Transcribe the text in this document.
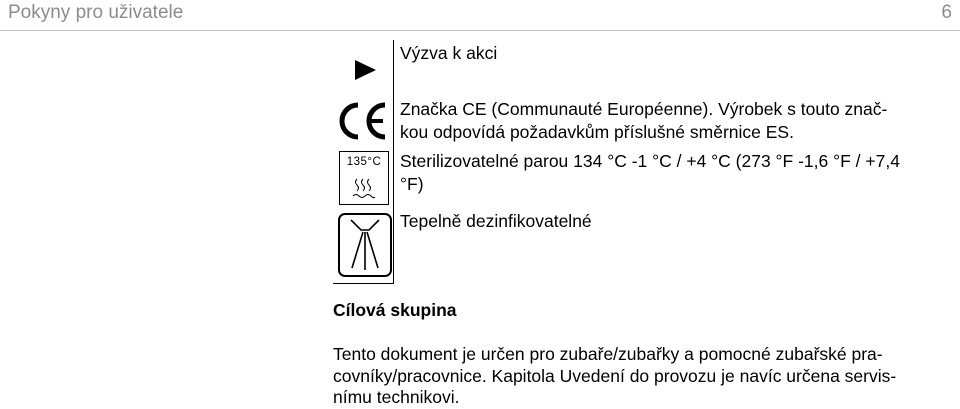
Pokyny pro uživatele	6
Výzva k akci
Značka CE (Communauté Européenne). Výrobek s touto znač-
kou odpovídá požadavkům příslušné směrnice ES.
135°C	Sterilizovatelné parou 134 °C -1 °C / +4 °C (273 °F -1,6 °F / +7,4
°F)
Tepelně dezinfikovatelné
Cílová skupina
Tento dokument je určen pro zubaře/zubařky a pomocné zubařské pra-
covníky/pracovnice. Kapitola Uvedení do provozu je navíc určena servis-
nímu technikovi.
